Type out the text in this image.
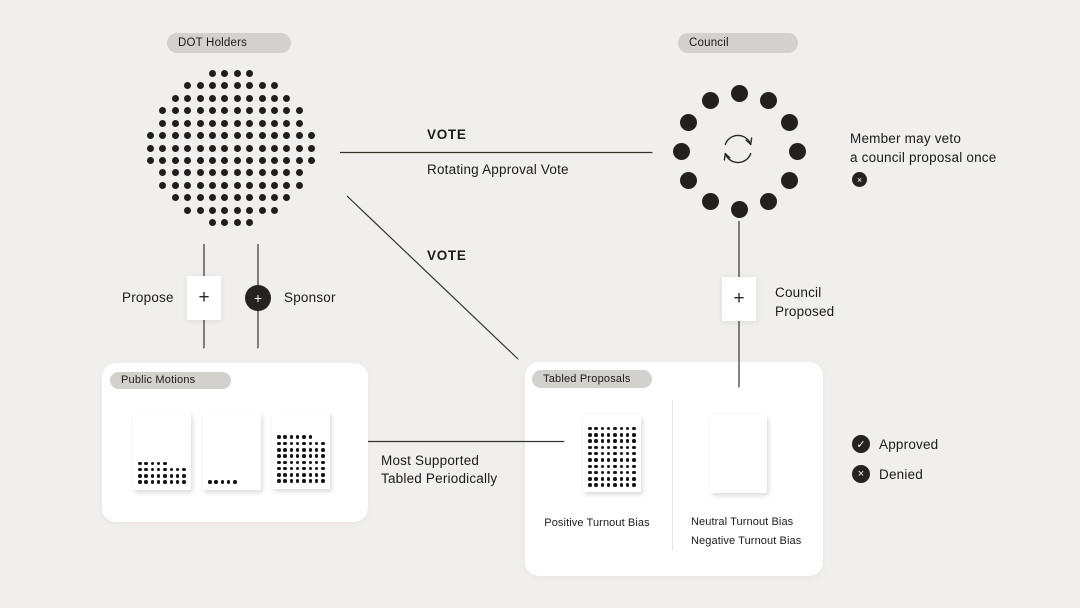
DOT Holders
VOTE
Rotating Approval Vote
VOTE
Council
Member may veto
a council proposal once
×
Propose +	+ Sponsor	+ Council
Proposed
Public Motions
Most Supported
Tabled Periodically
Tabled Proposals
Positive Turnout Bias	Neutral Turnout Bias
Negative Turnout Bias
✓ Approved
×	Denied
